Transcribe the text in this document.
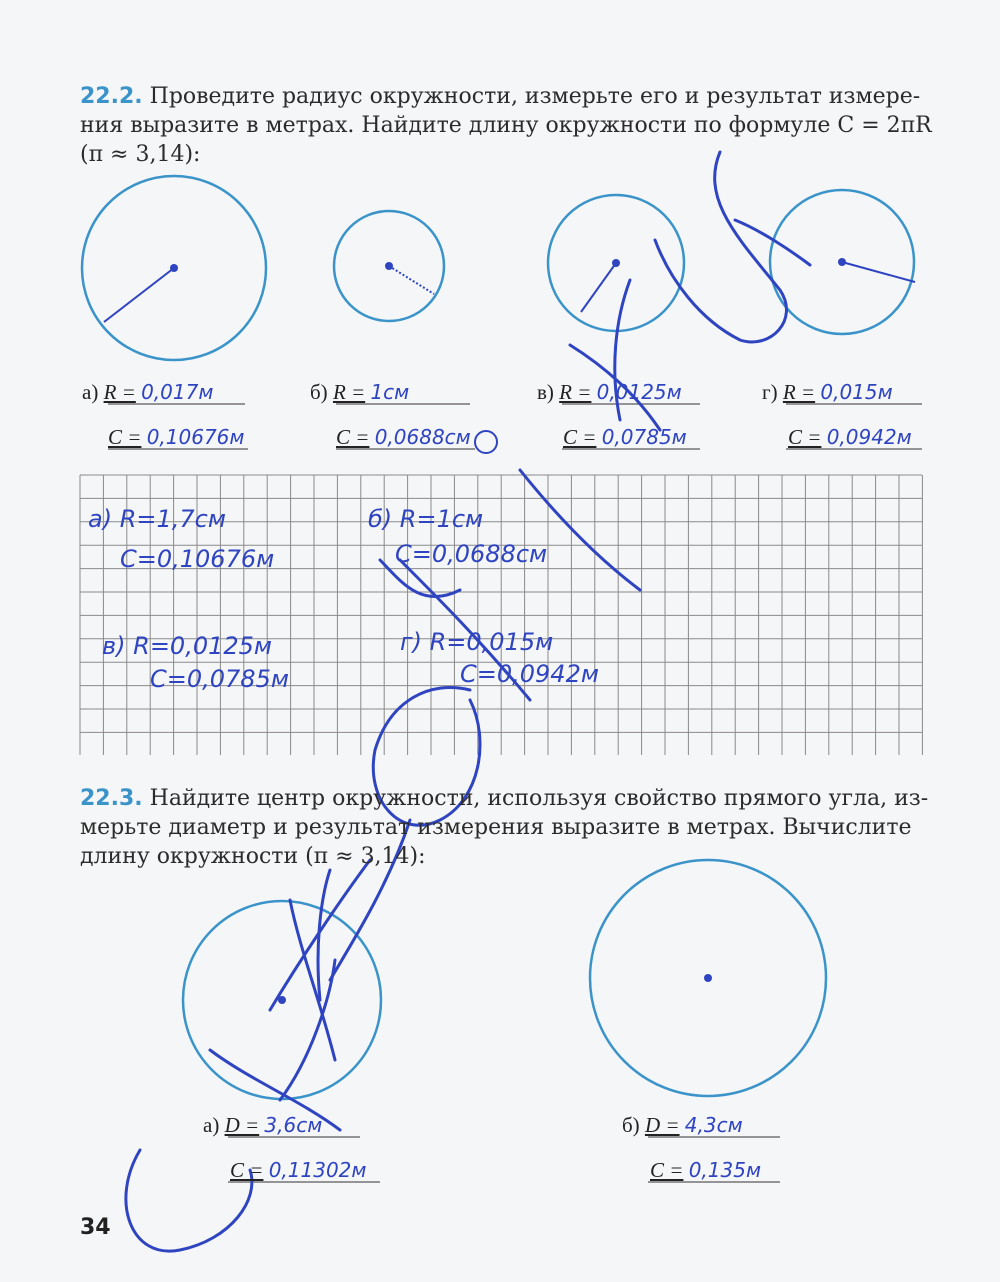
22.2. Проведите радиус окружности, измерьте его и результат измере-
ния выразите в метрах. Найдите длину окружности по формуле C = 2πR
(π ≈ 3,14):
а) R = 0,017м
C = 0,10676м
б) R = 1см
C = 0,0688см
в) R = 0,0125м
C = 0,0785м
г) R = 0,015м
C = 0,0942м
а) R=1,7см
C=0,10676м
б) R=1см
C=0,0688см
в) R=0,0125м
C=0,0785м
г) R=0,015м
C=0,0942м
22.3. Найдите центр окружности, используя свойство прямого угла, из-
мерьте диаметр и результат измерения выразите в метрах. Вычислите
длину окружности (π ≈ 3,14):
а) D = 3,6см
C = 0,11302м
б) D = 4,3см
C = 0,135м
34
